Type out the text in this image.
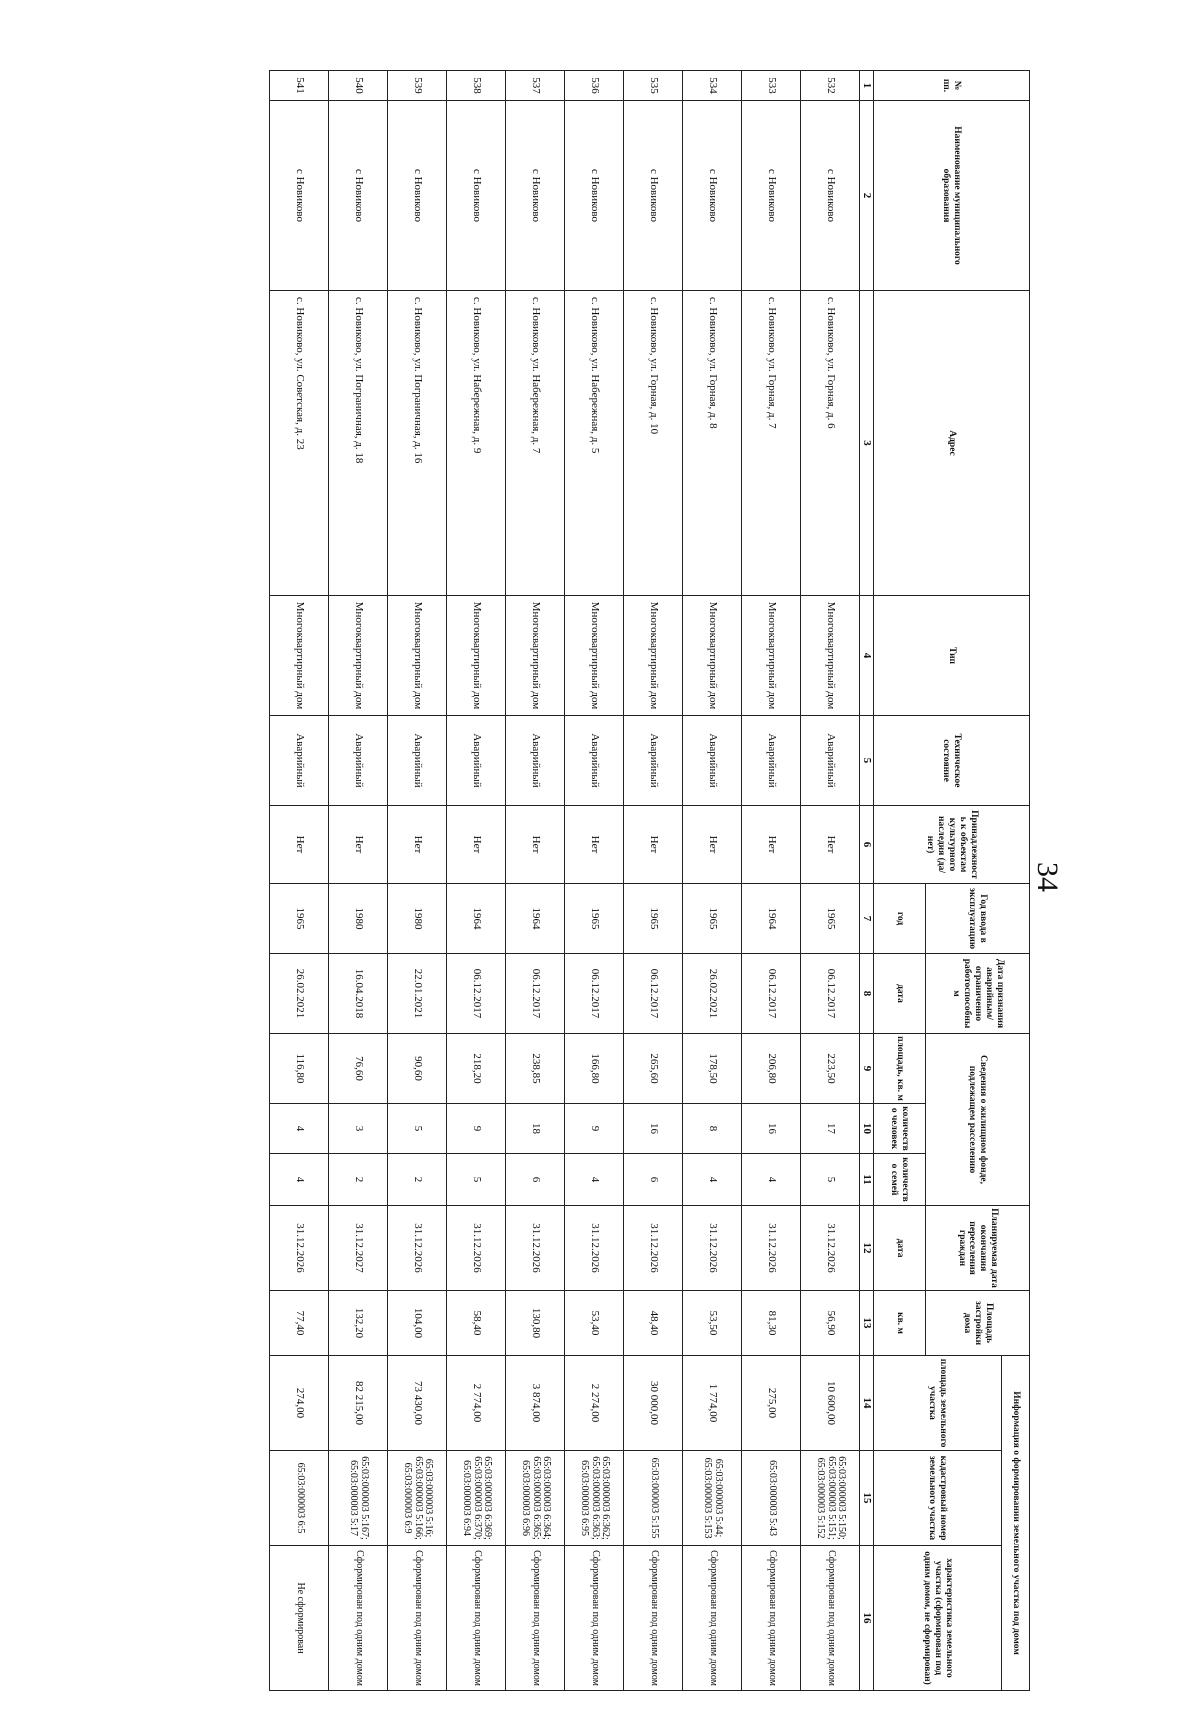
34
№ пп.	Наименование муниципального образования	Адрес	Тип	Техническое состояние	Принадлежность к объектам культурного наследия (да/нет)	Год ввода в эксплуатацию	Дата признания аварийным/ограниченно работоспособным	Сведения о жилищном фонде, подлежащем расселению			Планируемая дата окончания переселения граждан	Площадь застройки дома	Информация о формировании земельного участка под домом		
													площадь земельного участка	кадастровый номер земельного участка	характеристика земельного участка (сформирован под одним домом, не сформирован)
						год	дата	площадь, кв. м	количество человек	количество семей	дата	кв. м			
1	2	3	4	5	6	7	8	9	10	11	12	13	14	15	16
532	с Новиково	с. Новиково, ул. Горная, д. 6	Многоквартирный дом	Аварийный	Нет	1965	06.12.2017	223,50	17	5	31.12.2026	56,90	10 600,00	65:03:000003 5:150; 65:03:000003 5:151; 65:03:000003 5:152	Сформирован под одним домом
533	с Новиково	с. Новиково, ул. Горная, д. 7	Многоквартирный дом	Аварийный	Нет	1964	06.12.2017	206,80	16	4	31.12.2026	81,30	275,00	65:03:000003 5:43	Сформирован под одним домом
534	с Новиково	с. Новиково, ул. Горная, д. 8	Многоквартирный дом	Аварийный	Нет	1965	26.02.2021	178,50	8	4	31.12.2026	53,50	1 774,00	65:03:000003 5:44; 65:03:000003 5:153	Сформирован под одним домом
535	с Новиково	с. Новиково, ул. Горная, д. 10	Многоквартирный дом	Аварийный	Нет	1965	06.12.2017	265,60	16	6	31.12.2026	48,40	30 000,00	65:03:000003 5:155	Сформирован под одним домом
536	с Новиково	с. Новиково, ул. Набережная, д. 5	Многоквартирный дом	Аварийный	Нет	1965	06.12.2017	166,80	9	4	31.12.2026	53,40	2 274,00	65:03:000003 6:362; 65:03:000003 6:363; 65:03:000003 6:95	Сформирован под одним домом
537	с Новиково	с. Новиково, ул. Набережная, д. 7	Многоквартирный дом	Аварийный	Нет	1964	06.12.2017	238,85	18	6	31.12.2026	130,80	3 874,00	65:03:000003 6:364; 65:03:000003 6:365; 65:03:000003 6:96	Сформирован под одним домом
538	с Новиково	с. Новиково, ул. Набережная, д. 9	Многоквартирный дом	Аварийный	Нет	1964	06.12.2017	218,20	9	5	31.12.2026	58,40	2 774,00	65:03:000003 6:369; 65:03:000003 6:370; 65:03:000003 6:94	Сформирован под одним домом
539	с Новиково	с. Новиково, ул. Пограничная, д. 16	Многоквартирный дом	Аварийный	Нет	1980	22.01.2021	90,60	5	2	31.12.2026	104,00	73 430,00	65:03:000003 5:16; 65:03:000003 5:166; 65:03:000003 6:9	Сформирован под одним домом
540	с Новиково	с. Новиково, ул. Пограничная, д. 18	Многоквартирный дом	Аварийный	Нет	1980	16.04.2018	76,60	3	2	31.12.2027	132,20	82 215,00	65:03:000003 5:167; 65:03:000003 5:17	Сформирован под одним домом
541	с Новиково	с. Новиково, ул. Советская, д. 23	Многоквартирный дом	Аварийный	Нет	1965	26.02.2021	116,80	4	4	31.12.2026	77,40	274,00	65:03:000003 6:5	Не сформирован
